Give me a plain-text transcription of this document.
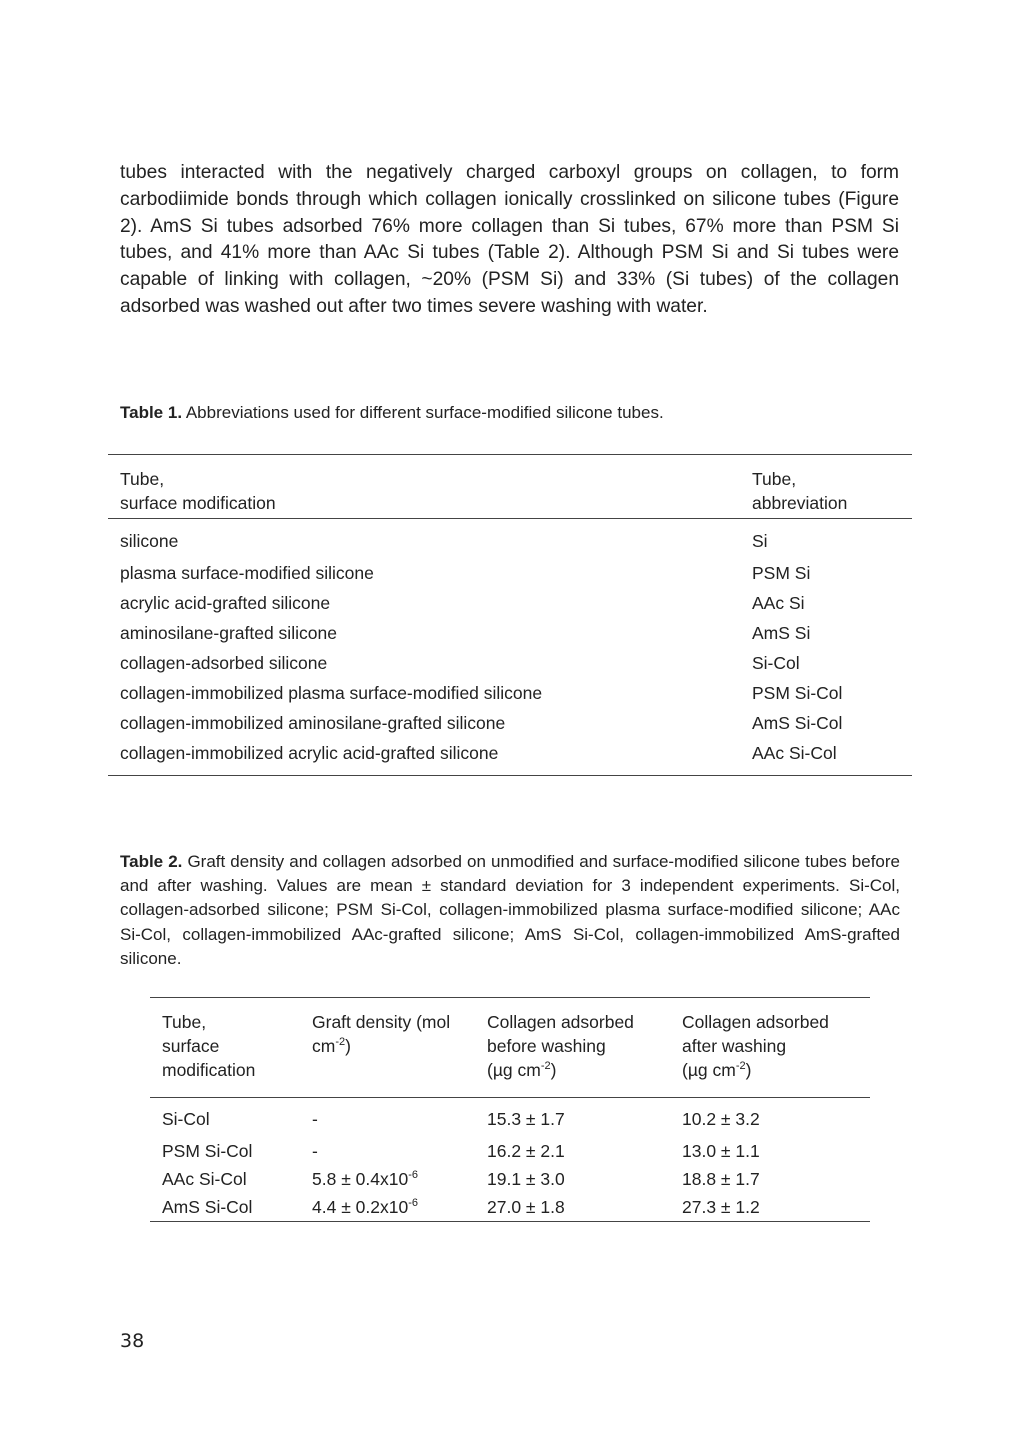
tubes interacted with the negatively charged carboxyl groups on collagen, to form carbodiimide bonds through which collagen ionically crosslinked on silicone tubes (Figure 2). AmS Si tubes adsorbed 76% more collagen than Si tubes, 67% more than PSM Si tubes, and 41% more than AAc Si tubes (Table 2). Although PSM Si and Si tubes were capable of linking with collagen, ~20% (PSM Si) and 33% (Si tubes) of the collagen adsorbed was washed out after two times severe washing with water.

Table 1. Abbreviations used for different surface-modified silicone tubes.

Tube,
surface modification	Tube,
abbreviation
silicone	Si
plasma surface-modified silicone	PSM Si
acrylic acid-grafted silicone	AAc Si
aminosilane-grafted silicone	AmS Si
collagen-adsorbed silicone	Si-Col
collagen-immobilized plasma surface-modified silicone	PSM Si-Col
collagen-immobilized aminosilane-grafted silicone	AmS Si-Col
collagen-immobilized acrylic acid-grafted silicone	AAc Si-Col

Table 2. Graft density and collagen adsorbed on unmodified and surface-modified silicone tubes before and after washing. Values are mean ± standard deviation for 3 independent experiments. Si-Col, collagen-adsorbed silicone; PSM Si-Col, collagen-immobilized plasma surface-modified silicone; AAc Si-Col, collagen-immobilized AAc-grafted silicone; AmS Si-Col, collagen-immobilized AmS-grafted silicone.

Tube,
surface
modification	Graft density (mol
$cm^{-2}$)	Collagen adsorbed
before washing
(µg $cm^{-2}$)	Collagen adsorbed
after washing
(µg $cm^{-2}$)
Si-Col	-	15.3 ± 1.7	10.2 ± 3.2
PSM Si-Col	-	16.2 ± 2.1	13.0 ± 1.1
AAc Si-Col	$5.8 \pm 0.4x10^{-6}$	19.1 ± 3.0	18.8 ± 1.7
AmS Si-Col	$4.4 \pm 0.2x10^{-6}$	27.0 ± 1.8	27.3 ± 1.2
38
